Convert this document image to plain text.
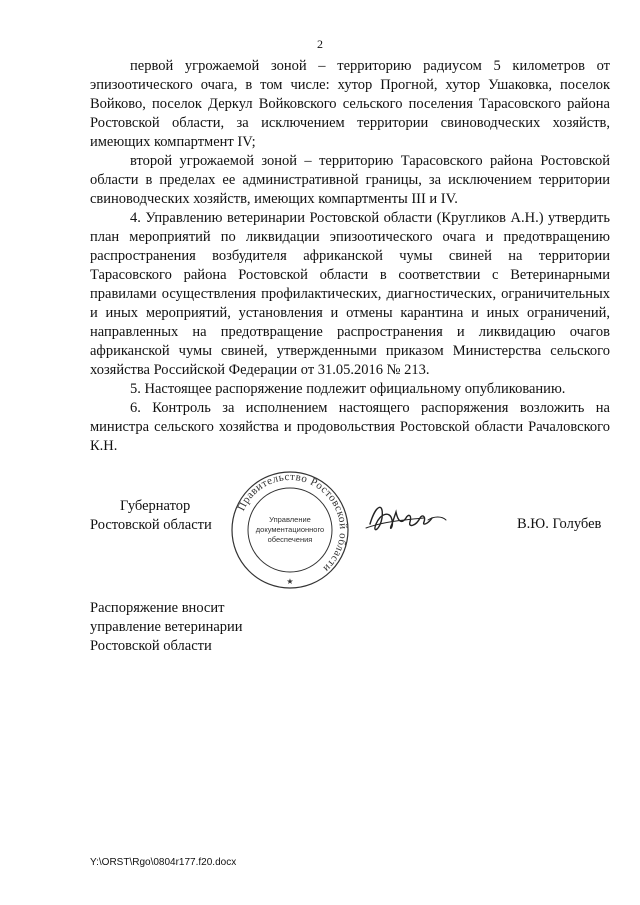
2

первой угрожаемой зоной – территорию радиусом 5 километров от эпизоотического очага, в том числе: хутор Прогной, хутор Ушаковка, поселок Войково, поселок Деркул Войковского сельского поселения Тарасовского района Ростовской области, за исключением территории свиноводческих хозяйств, имеющих компартмент IV;

второй угрожаемой зоной – территорию Тарасовского района Ростовской области в пределах ее административной границы, за исключением территории свиноводческих хозяйств, имеющих компартменты III и IV.

4. Управлению ветеринарии Ростовской области (Кругликов А.Н.) утвердить план мероприятий по ликвидации эпизоотического очага и предотвращению распространения возбудителя африканской чумы свиней на территории Тарасовского района Ростовской области в соответствии с Ветеринарными правилами осуществления профилактических, диагностических, ограничительных и иных мероприятий, установления и отмены карантина и иных ограничений, направленных на предотвращение распространения и ликвидацию очагов африканской чумы свиней, утвержденными приказом Министерства сельского хозяйства Российской Федерации от 31.05.2016 № 213.

5. Настоящее распоряжение подлежит официальному опубликованию.

6. Контроль за исполнением настоящего распоряжения возложить на министра сельского хозяйства и продовольствия Ростовской области Рачаловского К.Н.

Губернатор
Ростовской области
Правительство Ростовской области
Управление
документационного
обеспечения
★
В.Ю. Голубев
Распоряжение вносит
управление ветеринарии
Ростовской области
Y:\ORST\Rgo\0804r177.f20.docx
